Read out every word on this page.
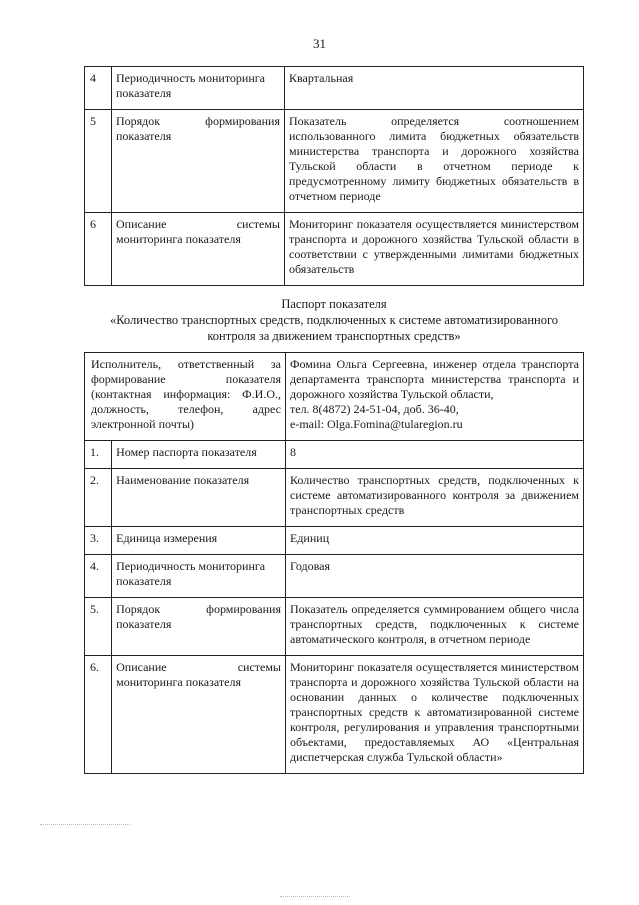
31
4	Периодичность мониторинга показателя	Квартальная
5	Порядок формирования показателя	Показатель определяется соотношением использованного лимита бюджетных обязательств министерства транспорта и дорожного хозяйства Тульской области в отчетном периоде к предусмотренному лимиту бюджетных обязательств в отчетном периоде
6	Описание системы мониторинга показателя	Мониторинг показателя осуществляется министерством транспорта и дорожного хозяйства Тульской области в соответствии с утвержденными лимитами бюджетных обязательств
Паспорт показателя
«Количество транспортных средств, подключенных к системе автоматизированного
контроля за движением транспортных средств»
Исполнитель, ответственный за формирование показателя (контактная информация: Ф.И.О., должность, телефон, адрес электронной почты)		Фомина Ольга Сергеевна, инженер отдела транспорта департамента транспорта министерства транспорта и дорожного хозяйства Тульской области,
тел. 8(4872) 24-51-04, доб. 36-40,
e-mail: Olga.Fomina@tularegion.ru

1.	Номер паспорта показателя	8
2.	Наименование показателя	Количество транспортных средств, подключенных к системе автоматизированного контроля за движением транспортных средств
3.	Единица измерения	Единиц
4.	Периодичность мониторинга показателя	Годовая
5.	Порядок формирования показателя	Показатель определяется суммированием общего числа транспортных средств, подключенных к системе автоматического контроля, в отчетном периоде
6.	Описание системы мониторинга показателя	Мониторинг показателя осуществляется министерством транспорта и дорожного хозяйства Тульской области на основании данных о количестве подключенных транспортных средств к автоматизированной системе контроля, регулирования и управления транспортными объектами, предоставляемых АО «Центральная диспетчерская служба Тульской области»
